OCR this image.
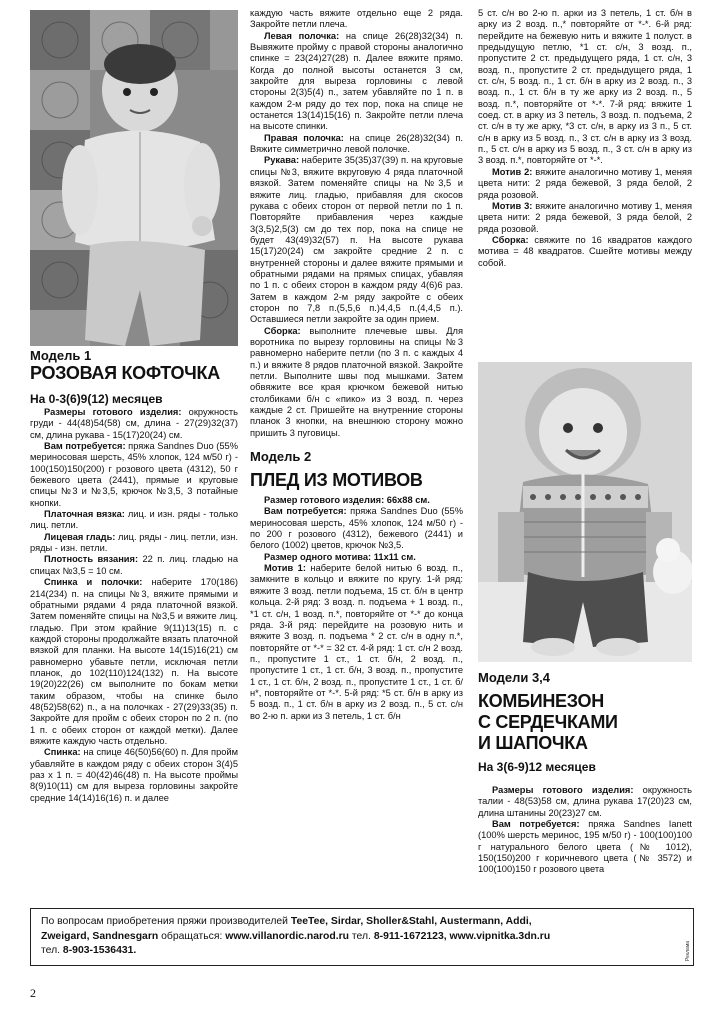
Модель 1

РОЗОВАЯ КОФТОЧКА

На 0-3(6)9(12) месяцев

Размеры готового изделия: окружность груди - 44(48)54(58) см, длина - 27(29)32(37) см, длина рукава - 15(17)20(24) см.

Вам потребуется: пряжа Sandnes Duo (55% мериносовая шерсть, 45% хлопок, 124 м/50 г) - 100(150)150(200) г розового цвета (4312), 50 г бежевого цвета (2441), прямые и круговые спицы №3 и №3,5, крючок №3,5, 3 потайные кнопки.

Платочная вязка: лиц. и изн. ряды - только лиц. петли.

Лицевая гладь: лиц. ряды - лиц. петли, изн. ряды - изн. петли.

Плотность вязания: 22 п. лиц. гладью на спицах №3,5 = 10 см.

Спинка и полочки: наберите 170(186) 214(234) п. на спицы №3, вяжите прямыми и обратными рядами 4 ряда платочной вязкой. Затем поменяйте спицы на №3,5 и вяжите лиц. гладью. При этом крайние 9(11)13(15) п. с каждой стороны продолжайте вязать платочной вязкой для планки. На высоте 14(15)16(21) см равномерно убавьте петли, исключая петли планок, до 102(110)124(132) п. На высоте 19(20)22(26) см выполните по бокам метки таким образом, чтобы на спинке было 48(52)58(62) п., а на полочках - 27(29)33(35) п. Закройте для пройм с обеих сторон по 2 п. (по 1 п. с обеих сторон от каждой метки). Далее вяжите каждую часть отдельно.

Спинка: на спице 46(50)56(60) п. Для пройм убавляйте в каждом ряду с обеих сторон 3(4)5 раз х 1 п. = 40(42)46(48) п. На высоте проймы 8(9)10(11) см для выреза горловины закройте средние 14(14)16(16) п. и далее

каждую часть вяжите отдельно еще 2 ряда. Закройте петли плеча.

Левая полочка: на спице 26(28)32(34) п. Вывяжите пройму с правой стороны аналогично спинке = 23(24)27(28) п. Далее вяжите прямо. Когда до полной высоты останется 3 см, закройте для выреза горловины с левой стороны 2(3)5(4) п., затем убавляйте по 1 п. в каждом 2-м ряду до тех пор, пока на спице не останется 13(14)15(16) п. Закройте петли плеча на высоте спинки.

Правая полочка: на спице 26(28)32(34) п. Вяжите симметрично левой полочке.

Рукава: наберите 35(35)37(39) п. на круговые спицы №3, вяжите вкруговую 4 ряда платочной вязкой. Затем поменяйте спицы на №3,5 и вяжите лиц. гладью, прибавляя для скосов рукава с обеих сторон от первой петли по 1 п. Повторяйте прибавления через каждые 3(3,5)2,5(3) см до тех пор, пока на спице не будет 43(49)32(57) п. На высоте рукава 15(17)20(24) см закройте средние 2 п. с внутренней стороны и далее вяжите прямыми и обратными рядами на прямых спицах, убавляя по 1 п. с обеих сторон в каждом ряду 4(6)6 раз. Затем в каждом 2-м ряду закройте с обеих сторон по 7,8 п.(5,5,6 п.)4,4,5 п.(4,4,5 п.). Оставшиеся петли закройте за один прием.

Сборка: выполните плечевые швы. Для воротника по вырезу горловины на спицы №3 равномерно наберите петли (по 3 п. с каждых 4 п.) и вяжите 8 рядов платочной вязкой. Закройте петли. Выполните швы под мышками. Затем обвяжите все края крючком бежевой нитью столбиками б/н с «пико» из 3 возд. п. через каждые 2 ст. Пришейте на внутренние стороны планок 3 кнопки, на внешнюю сторону можно пришить 3 пуговицы.

Модель 2

ПЛЕД ИЗ МОТИВОВ

Размер готового изделия: 66х88 см.

Вам потребуется: пряжа Sandnes Duo (55% мериносовая шерсть, 45% хлопок, 124 м/50 г) - по 200 г розового (4312), бежевого (2441) и белого (1002) цветов, крючок №3,5.

Размер одного мотива: 11х11 см.

Мотив 1: наберите белой нитью 6 возд. п., замкните в кольцо и вяжите по кругу. 1-й ряд: вяжите 3 возд. петли подъема, 15 ст. б/н в центр кольца. 2-й ряд: 3 возд. п. подъема + 1 возд. п., *1 ст. с/н, 1 возд. п.*, повторяйте от *-* до конца ряда. 3-й ряд: перейдите на розовую нить и вяжите 3 возд. п. подъема * 2 ст. с/н в одну п.*, повторяйте от *-* = 32 ст. 4-й ряд: 1 ст. с/н 2 возд. п., пропустите 1 ст., 1 ст. б/н, 2 возд. п., пропустите 1 ст., 1 ст. б/н, 3 возд. п., пропустите 1 ст., 1 ст. б/н, 2 возд. п., пропустите 1 ст., 1 ст. б/н*, повторяйте от *-*. 5-й ряд: *5 ст. б/н в арку из 5 возд. п., 1 ст. б/н в арку из 2 возд. п., 5 ст. с/н во 2-ю п. арки из 3 петель, 1 ст. б/н

5 ст. с/н во 2-ю п. арки из 3 петель, 1 ст. б/н в арку из 2 возд. п.,* повторяйте от *-*. 6-й ряд: перейдите на бежевую нить и вяжите 1 полуст. в предыдущую петлю, *1 ст. с/н, 3 возд. п., пропустите 2 ст. предыдущего ряда, 1 ст. с/н, 3 возд. п., пропустите 2 ст. предыдущего ряда, 1 ст. с/н, 5 возд. п., 1 ст. б/н в арку из 2 возд. п., 3 возд. п., 1 ст. б/н в ту же арку из 2 возд. п., 5 возд. п.*, повторяйте от *-*. 7-й ряд: вяжите 1 соед. ст. в арку из 3 петель, 3 возд. п. подъема, 2 ст. с/н в ту же арку, *3 ст. с/н, в арку из 3 п., 5 ст. с/н в арку из 5 возд. п., 3 ст. с/н в арку из 3 возд. п., 5 ст. с/н в арку из 5 возд. п., 3 ст. с/н в арку из 3 возд. п.*, повторяйте от *-*.

Мотив 2: вяжите аналогично мотиву 1, меняя цвета нити: 2 ряда бежевой, 3 ряда белой, 2 ряда розовой.

Мотив 3: вяжите аналогично мотиву 1, меняя цвета нити: 2 ряда бежевой, 3 ряда белой, 2 ряда розовой.

Сборка: свяжите по 16 квадратов каждого мотива = 48 квадратов. Сшейте мотивы между собой.

Модели 3,4

КОМБИНЕЗОН

С СЕРДЕЧКАМИ

И ШАПОЧКА

На 3(6-9)12 месяцев

Размеры готового изделия: окружность талии - 48(53)58 см, длина рукава 17(20)23 см, длина штанины 20(23)27 см.

Вам потребуется: пряжа Sandnes Ianett (100% шерсть меринос, 195 м/50 г) - 100(100)100 г натурального белого цвета (№ 1012), 150(150)200 г коричневого цвета (№ 3572) и 100(100)150 г розового цвета

По вопросам приобретения пряжи производителей TeeTee, Sirdar, Sholler&Stahl, Austermann, Addi,
Zweigard, Sandnesgarn обращаться: www.villanordic.narod.ru тел. 8-911-1672123, www.vipnitka.3dn.ru
тел. 8-903-1536431.	Реклама
2
